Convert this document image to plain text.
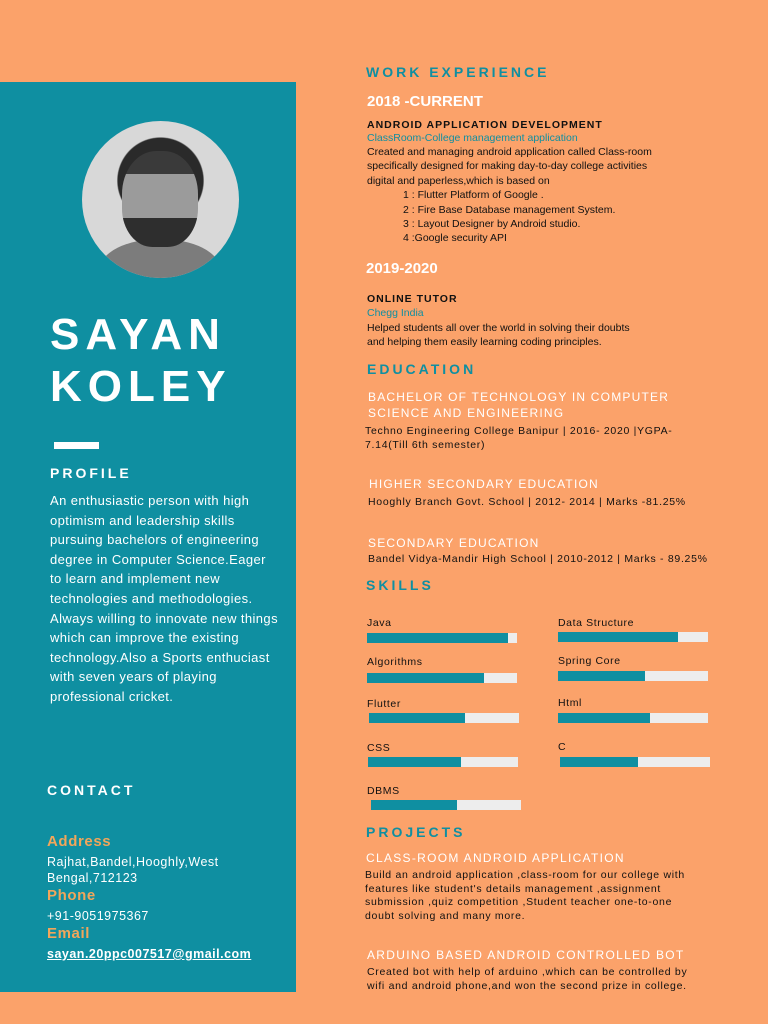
SAYAN
KOLEY
PROFILE
An enthusiastic person with high optimism and leadership skills pursuing bachelors of engineering degree in Computer Science.Eager to learn and implement new technologies and methodologies. Always willing to innovate new things which can improve the existing technology.Also a Sports enthuciast with seven years of playing professional cricket.
CONTACT
Address
Rajhat,Bandel,Hooghly,West Bengal,712123
Phone
+91-9051975367
Email
sayan.20ppc007517@gmail.com
WORK EXPERIENCE
2018 -CURRENT
ANDROID APPLICATION DEVELOPMENT
ClassRoom-College management application
Created and managing android application called Class-room
specifically designed for making day-to-day college activities
digital and paperless,which is based on
1 : Flutter Platform of Google .
2 : Fire Base Database management System.
3 : Layout Designer by Android studio.
4 :Google security API
2019-2020
ONLINE TUTOR
Chegg India
Helped students all over the world in solving their doubts
and helping them easily learning coding principles.
EDUCATION
BACHELOR OF TECHNOLOGY IN COMPUTER SCIENCE AND ENGINEERING
Techno Engineering College Banipur | 2016- 2020 |YGPA-7.14(Till 6th semester)
HIGHER SECONDARY EDUCATION
Hooghly Branch Govt. School | 2012- 2014 | Marks -81.25%
SECONDARY EDUCATION
Bandel Vidya-Mandir High School | 2010-2012 | Marks - 89.25%
SKILLS
Java	Data Structure
Algorithms	Spring Core
Flutter	Html
CSS	C
DBMS
PROJECTS
CLASS-ROOM ANDROID APPLICATION
Build an android application ,class-room for our college with
features like student's details management ,assignment
submission ,quiz competition ,Student teacher one-to-one
doubt solving and many more.
ARDUINO BASED ANDROID CONTROLLED BOT
Created bot with help of arduino ,which can be controlled by
wifi and android phone,and won the second prize in college.
